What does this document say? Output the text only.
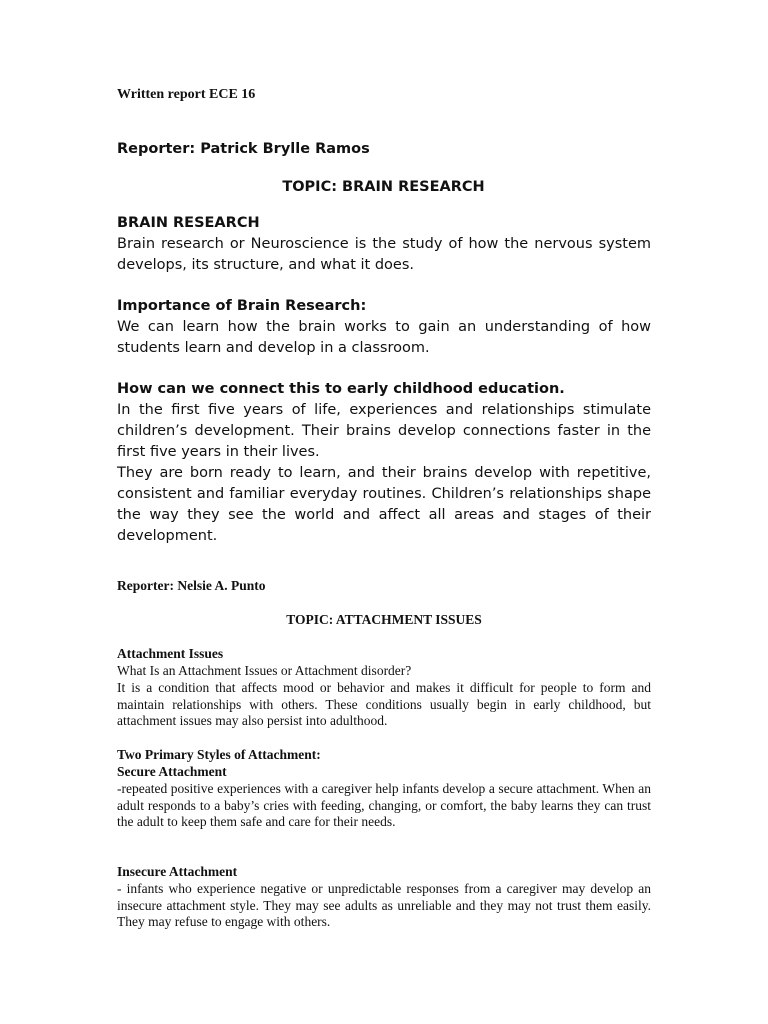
Written report ECE 16
Reporter: Patrick Brylle Ramos
TOPIC: BRAIN RESEARCH
BRAIN RESEARCH
Brain research or Neuroscience is the study of how the nervous system develops, its structure, and what it does.
Importance of Brain Research:
We can learn how the brain works to gain an understanding of how students learn and develop in a classroom.
How can we connect this to early childhood education.
In the first five years of life, experiences and relationships stimulate children’s development. Their brains develop connections faster in the first five years in their lives.
They are born ready to learn, and their brains develop with repetitive, consistent and familiar everyday routines. Children’s relationships shape the way they see the world and affect all areas and stages of their development.
Reporter: Nelsie A. Punto
TOPIC: ATTACHMENT ISSUES
Attachment Issues
What Is an Attachment Issues or Attachment disorder?
It is a condition that affects mood or behavior and makes it difficult for people to form and maintain relationships with others. These conditions usually begin in early childhood, but attachment issues may also persist into adulthood.
Two Primary Styles of Attachment:
Secure Attachment
-repeated positive experiences with a caregiver help infants develop a secure attachment. When an adult responds to a baby’s cries with feeding, changing, or comfort, the baby learns they can trust the adult to keep them safe and care for their needs.
Insecure Attachment
- infants who experience negative or unpredictable responses from a caregiver may develop an insecure attachment style. They may see adults as unreliable and they may not trust them easily. They may refuse to engage with others.
